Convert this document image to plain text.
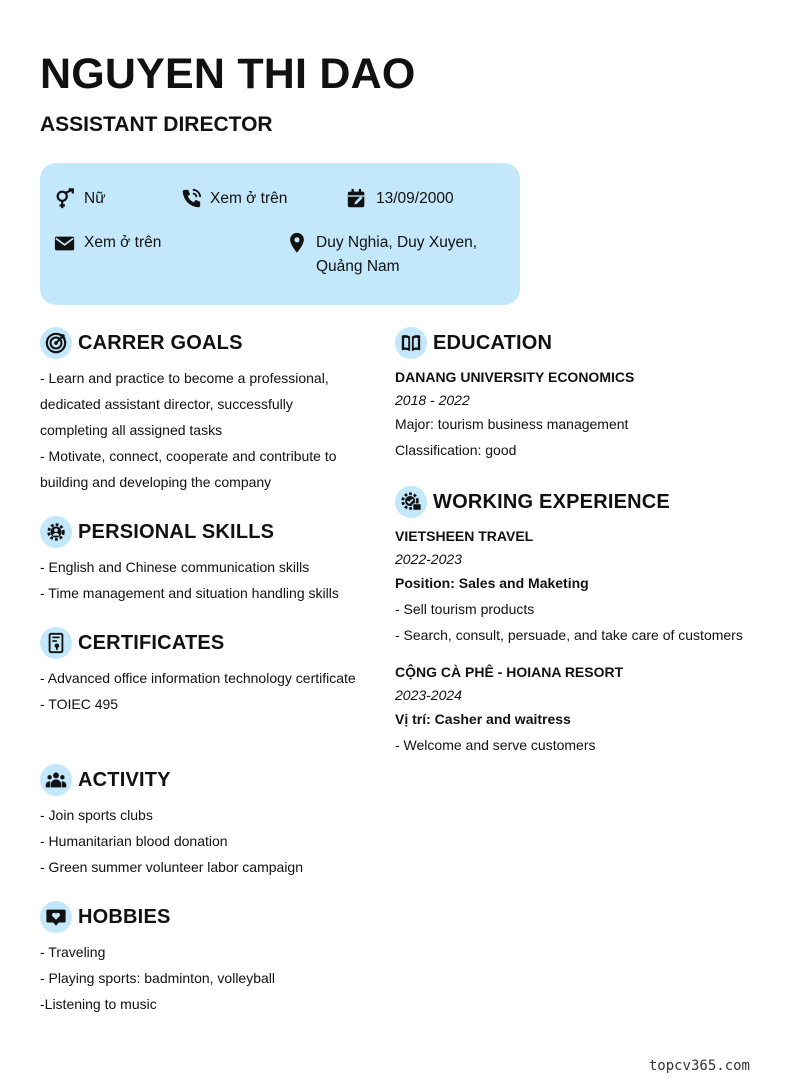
NGUYEN THI DAO
ASSISTANT DIRECTOR
Nữ	Xem ở trên	13/09/2000
Xem ở trên	Duy Nghia, Duy Xuyen, Quảng Nam
CARRER GOALS
- Learn and practice to become a professional, dedicated assistant director, successfully completing all assigned tasks
- Motivate, connect, cooperate and contribute to building and developing the company
PERSIONAL SKILLS
- English and Chinese communication skills
- Time management and situation handling skills
CERTIFICATES
- Advanced office information technology certificate
- TOIEC 495
ACTIVITY
- Join sports clubs
- Humanitarian blood donation
- Green summer volunteer labor campaign
HOBBIES
- Traveling
- Playing sports: badminton, volleyball
-Listening to music
EDUCATION
DANANG UNIVERSITY ECONOMICS
2018 - 2022
Major: tourism business management
Classification: good
WORKING EXPERIENCE
VIETSHEEN TRAVEL
2022-2023
Position: Sales and Maketing
- Sell tourism products
- Search, consult, persuade, and take care of customers
CỘNG CÀ PHÊ - HOIANA RESORT
2023-2024
Vị trí: Casher and waitress
- Welcome and serve customers
topcv365.com
